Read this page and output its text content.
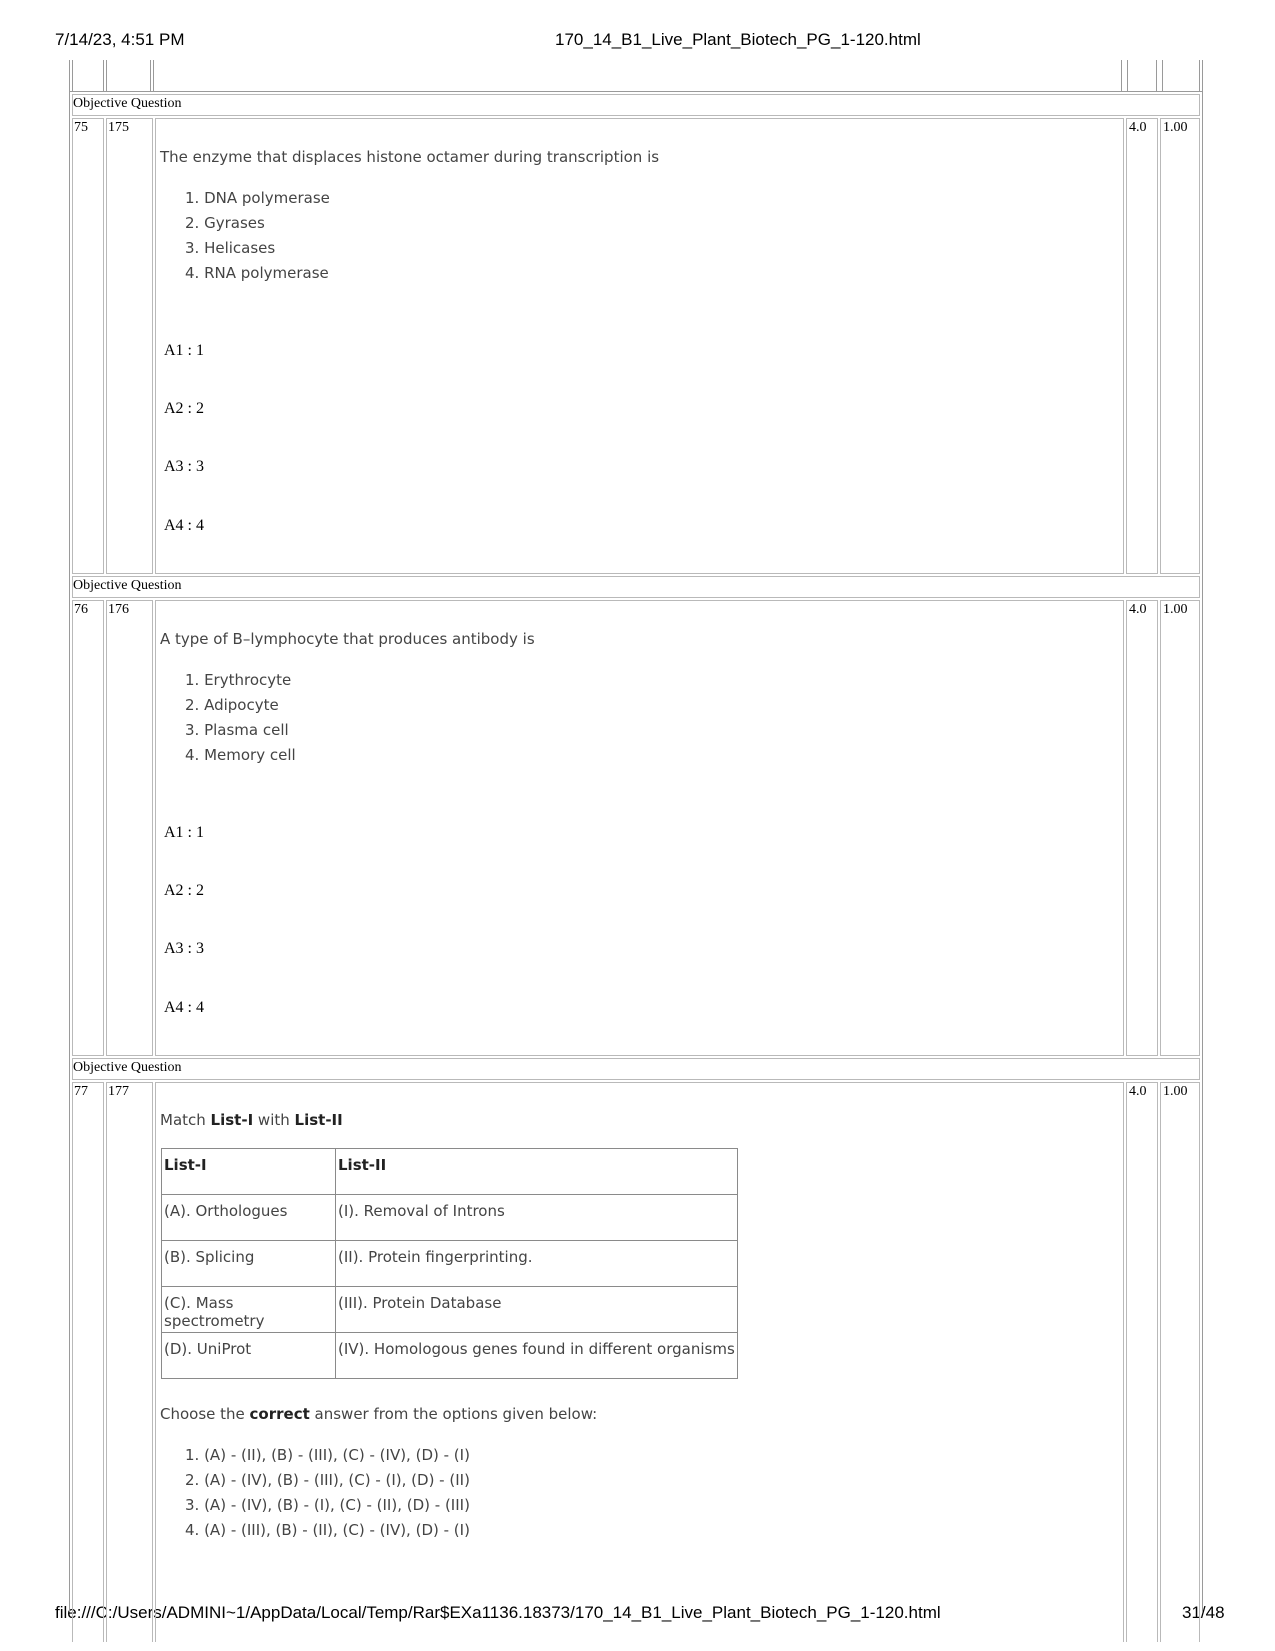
7/14/23, 4:51 PM	170_14_B1_Live_Plant_Biotech_PG_1-120.html
file:///C:/Users/ADMINI~1/AppData/Local/Temp/Rar$EXa1136.18373/170_14_B1_Live_Plant_Biotech_PG_1-120.html	31/48
Objective Question
75 175	4.0 1.00
The enzyme that displaces histone octamer during transcription is
1. DNA polymerase
2. Gyrases
3. Helicases
4. RNA polymerase
A1 : 1
A2 : 2
A3 : 3
A4 : 4
Objective Question
76 176	4.0 1.00
A type of B–lymphocyte that produces antibody is
1. Erythrocyte
2. Adipocyte
3. Plasma cell
4. Memory cell
A1 : 1
A2 : 2
A3 : 3
A4 : 4
Objective Question
77 177	4.0 1.00
Match List-I with List-II
List-I	List-II
(A). Orthologues	(I). Removal of Introns
(B). Splicing	(II). Protein fingerprinting.
(C). Mass spectrometry	(III). Protein Database
(D). UniProt	(IV). Homologous genes found in different organisms
Choose the correct answer from the options given below:
1. (A) - (II), (B) - (III), (C) - (IV), (D) - (I)
2. (A) - (IV), (B) - (III), (C) - (I), (D) - (II)
3. (A) - (IV), (B) - (I), (C) - (II), (D) - (III)
4. (A) - (III), (B) - (II), (C) - (IV), (D) - (I)
